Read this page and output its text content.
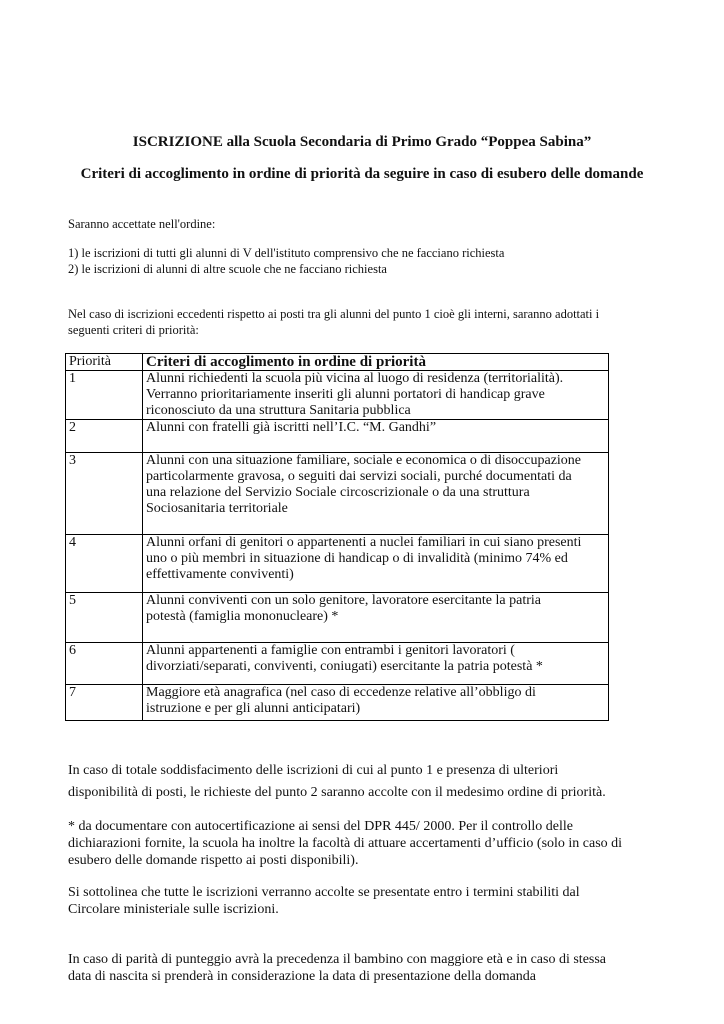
ISCRIZIONE alla Scuola Secondaria di Primo Grado “Poppea Sabina”
Criteri di accoglimento in ordine di priorità da seguire in caso di esubero delle domande
Saranno accettate nell'ordine:
1) le iscrizioni di tutti gli alunni di V dell'istituto comprensivo che ne facciano richiesta
2) le iscrizioni di alunni di altre scuole che ne facciano richiesta
Nel caso di iscrizioni eccedenti rispetto ai posti tra gli alunni del punto 1 cioè gli interni, saranno adottati i
seguenti criteri di priorità:
Priorità	Criteri di accoglimento in ordine di priorità
1	Alunni richiedenti la scuola più vicina al luogo di residenza (territorialità).
Verranno prioritariamente inseriti gli alunni portatori di handicap grave
riconosciuto da una struttura Sanitaria pubblica

2	Alunni con fratelli già iscritti nell’I.C. “M. Gandhi”

3	Alunni con una situazione familiare, sociale e economica o di disoccupazione
particolarmente gravosa, o seguiti dai servizi sociali, purché documentati da
una relazione del Servizio Sociale circoscrizionale o da una struttura
Sociosanitaria territoriale

4	Alunni orfani di genitori o appartenenti a nuclei familiari in cui siano presenti
uno o più membri in situazione di handicap o di invalidità (minimo 74% ed
effettivamente conviventi)

5	Alunni conviventi con un solo genitore, lavoratore esercitante la patria
potestà (famiglia mononucleare) *

6	Alunni appartenenti a famiglie con entrambi i genitori lavoratori (
divorziati/separati, conviventi, coniugati) esercitante la patria potestà *

7	Maggiore età anagrafica (nel caso di eccedenze relative all’obbligo di
istruzione e per gli alunni anticipatari)
In caso di totale soddisfacimento delle iscrizioni di cui al punto 1 e presenza di ulteriori
disponibilità di posti, le richieste del punto 2 saranno accolte con il medesimo ordine di priorità.
* da documentare con autocertificazione ai sensi del DPR 445/ 2000. Per il controllo delle
dichiarazioni fornite, la scuola ha inoltre la facoltà di attuare accertamenti d’ufficio (solo in caso di
esubero delle domande rispetto ai posti disponibili).
Si sottolinea che tutte le iscrizioni verranno accolte se presentate entro i termini stabiliti dal
Circolare ministeriale sulle iscrizioni.
In caso di parità di punteggio avrà la precedenza il bambino con maggiore età e in caso di stessa
data di nascita si prenderà in considerazione la data di presentazione della domanda
